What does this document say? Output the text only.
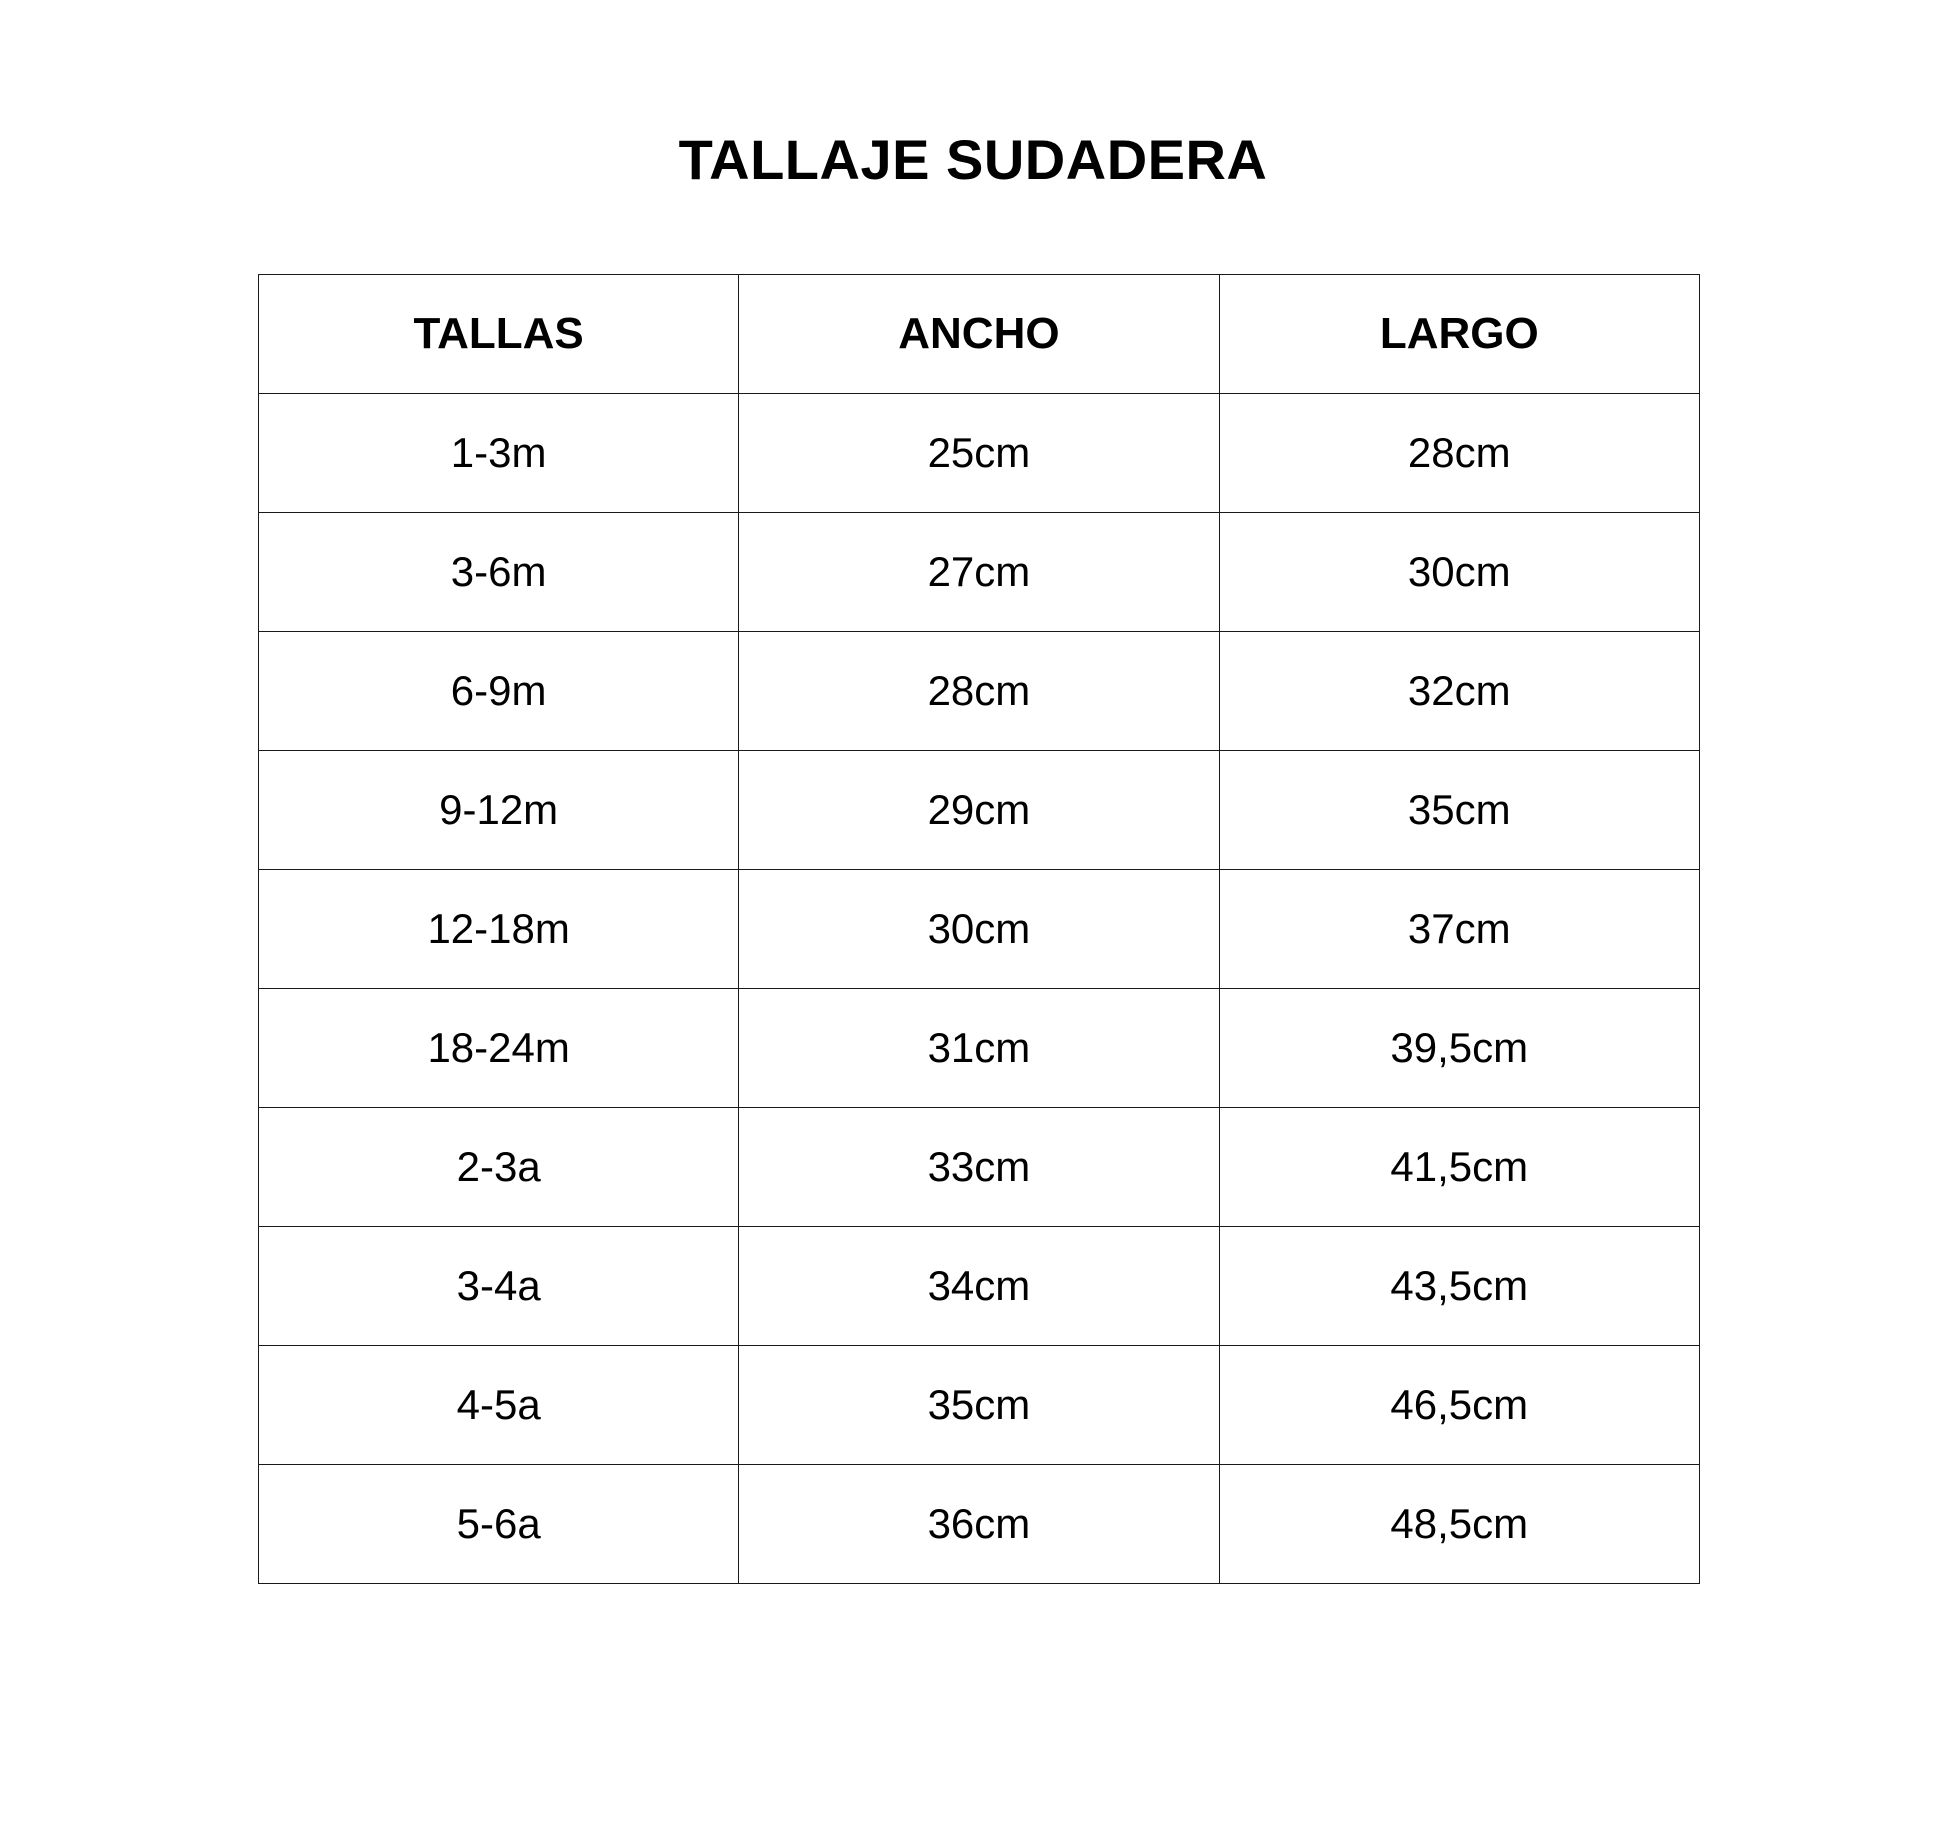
TALLAJE SUDADERA
TALLAS	ANCHO	LARGO
1-3m	25cm	28cm
3-6m	27cm	30cm
6-9m	28cm	32cm
9-12m	29cm	35cm
12-18m	30cm	37cm
18-24m	31cm	39,5cm
2-3a	33cm	41,5cm
3-4a	34cm	43,5cm
4-5a	35cm	46,5cm
5-6a	36cm	48,5cm
